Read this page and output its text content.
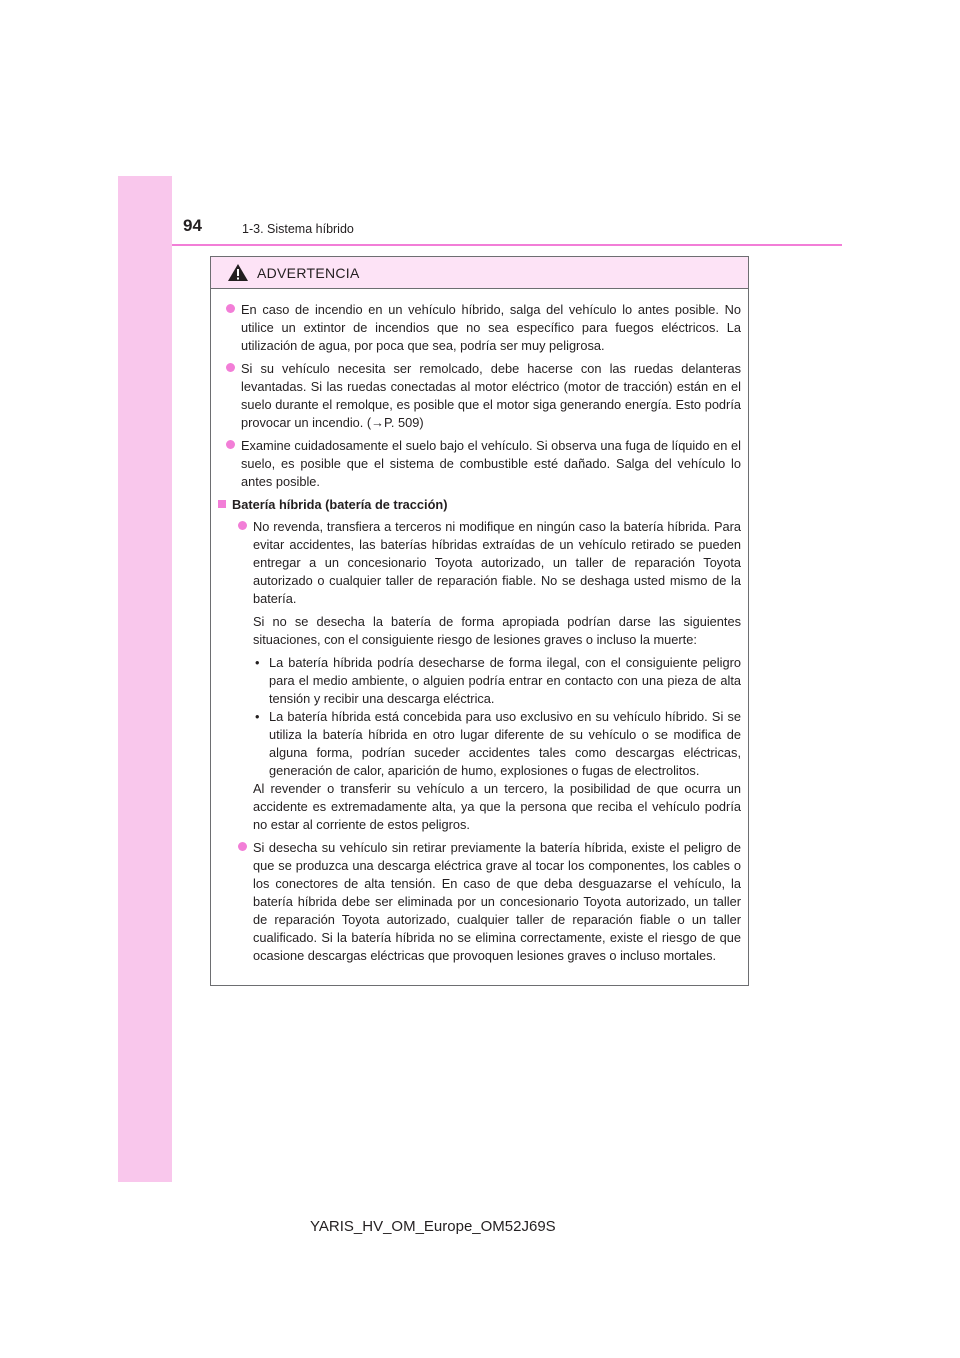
94	1-3. Sistema híbrido
ADVERTENCIA
En caso de incendio en un vehículo híbrido, salga del vehículo lo antes posible. No utilice un extintor de incendios que no sea específico para fuegos eléctricos. La utilización de agua, por poca que sea, podría ser muy peligrosa.
Si su vehículo necesita ser remolcado, debe hacerse con las ruedas delanteras levantadas. Si las ruedas conectadas al motor eléctrico (motor de tracción) están en el suelo durante el remolque, es posible que el motor siga generando energía. Esto podría provocar un incendio. (→P. 509)
Examine cuidadosamente el suelo bajo el vehículo. Si observa una fuga de líquido en el suelo, es posible que el sistema de combustible esté dañado. Salga del vehículo lo antes posible.
Batería híbrida (batería de tracción)
No revenda, transfiera a terceros ni modifique en ningún caso la batería híbrida. Para evitar accidentes, las baterías híbridas extraídas de un vehículo retirado se pueden entregar a un concesionario Toyota autorizado, un taller de reparación Toyota autorizado o cualquier taller de reparación fiable. No se deshaga usted mismo de la batería.
Si no se desecha la batería de forma apropiada podrían darse las siguientes situaciones, con el consiguiente riesgo de lesiones graves o incluso la muerte:
• La batería híbrida podría desecharse de forma ilegal, con el consiguiente peligro para el medio ambiente, o alguien podría entrar en contacto con una pieza de alta tensión y recibir una descarga eléctrica.
• La batería híbrida está concebida para uso exclusivo en su vehículo híbrido. Si se utiliza la batería híbrida en otro lugar diferente de su vehículo o se modifica de alguna forma, podrían suceder accidentes tales como descargas eléctricas, generación de calor, aparición de humo, explosiones o fugas de electrolitos.
Al revender o transferir su vehículo a un tercero, la posibilidad de que ocurra un accidente es extremadamente alta, ya que la persona que reciba el vehículo podría no estar al corriente de estos peligros.
Si desecha su vehículo sin retirar previamente la batería híbrida, existe el peligro de que se produzca una descarga eléctrica grave al tocar los componentes, los cables o los conectores de alta tensión. En caso de que deba desguazarse el vehículo, la batería híbrida debe ser eliminada por un concesionario Toyota autorizado, un taller de reparación Toyota autorizado, cualquier taller de reparación fiable o un taller cualificado. Si la batería híbrida no se elimina correctamente, existe el riesgo de que ocasione descargas eléctricas que provoquen lesiones graves o incluso mortales.
YARIS_HV_OM_Europe_OM52J69S
